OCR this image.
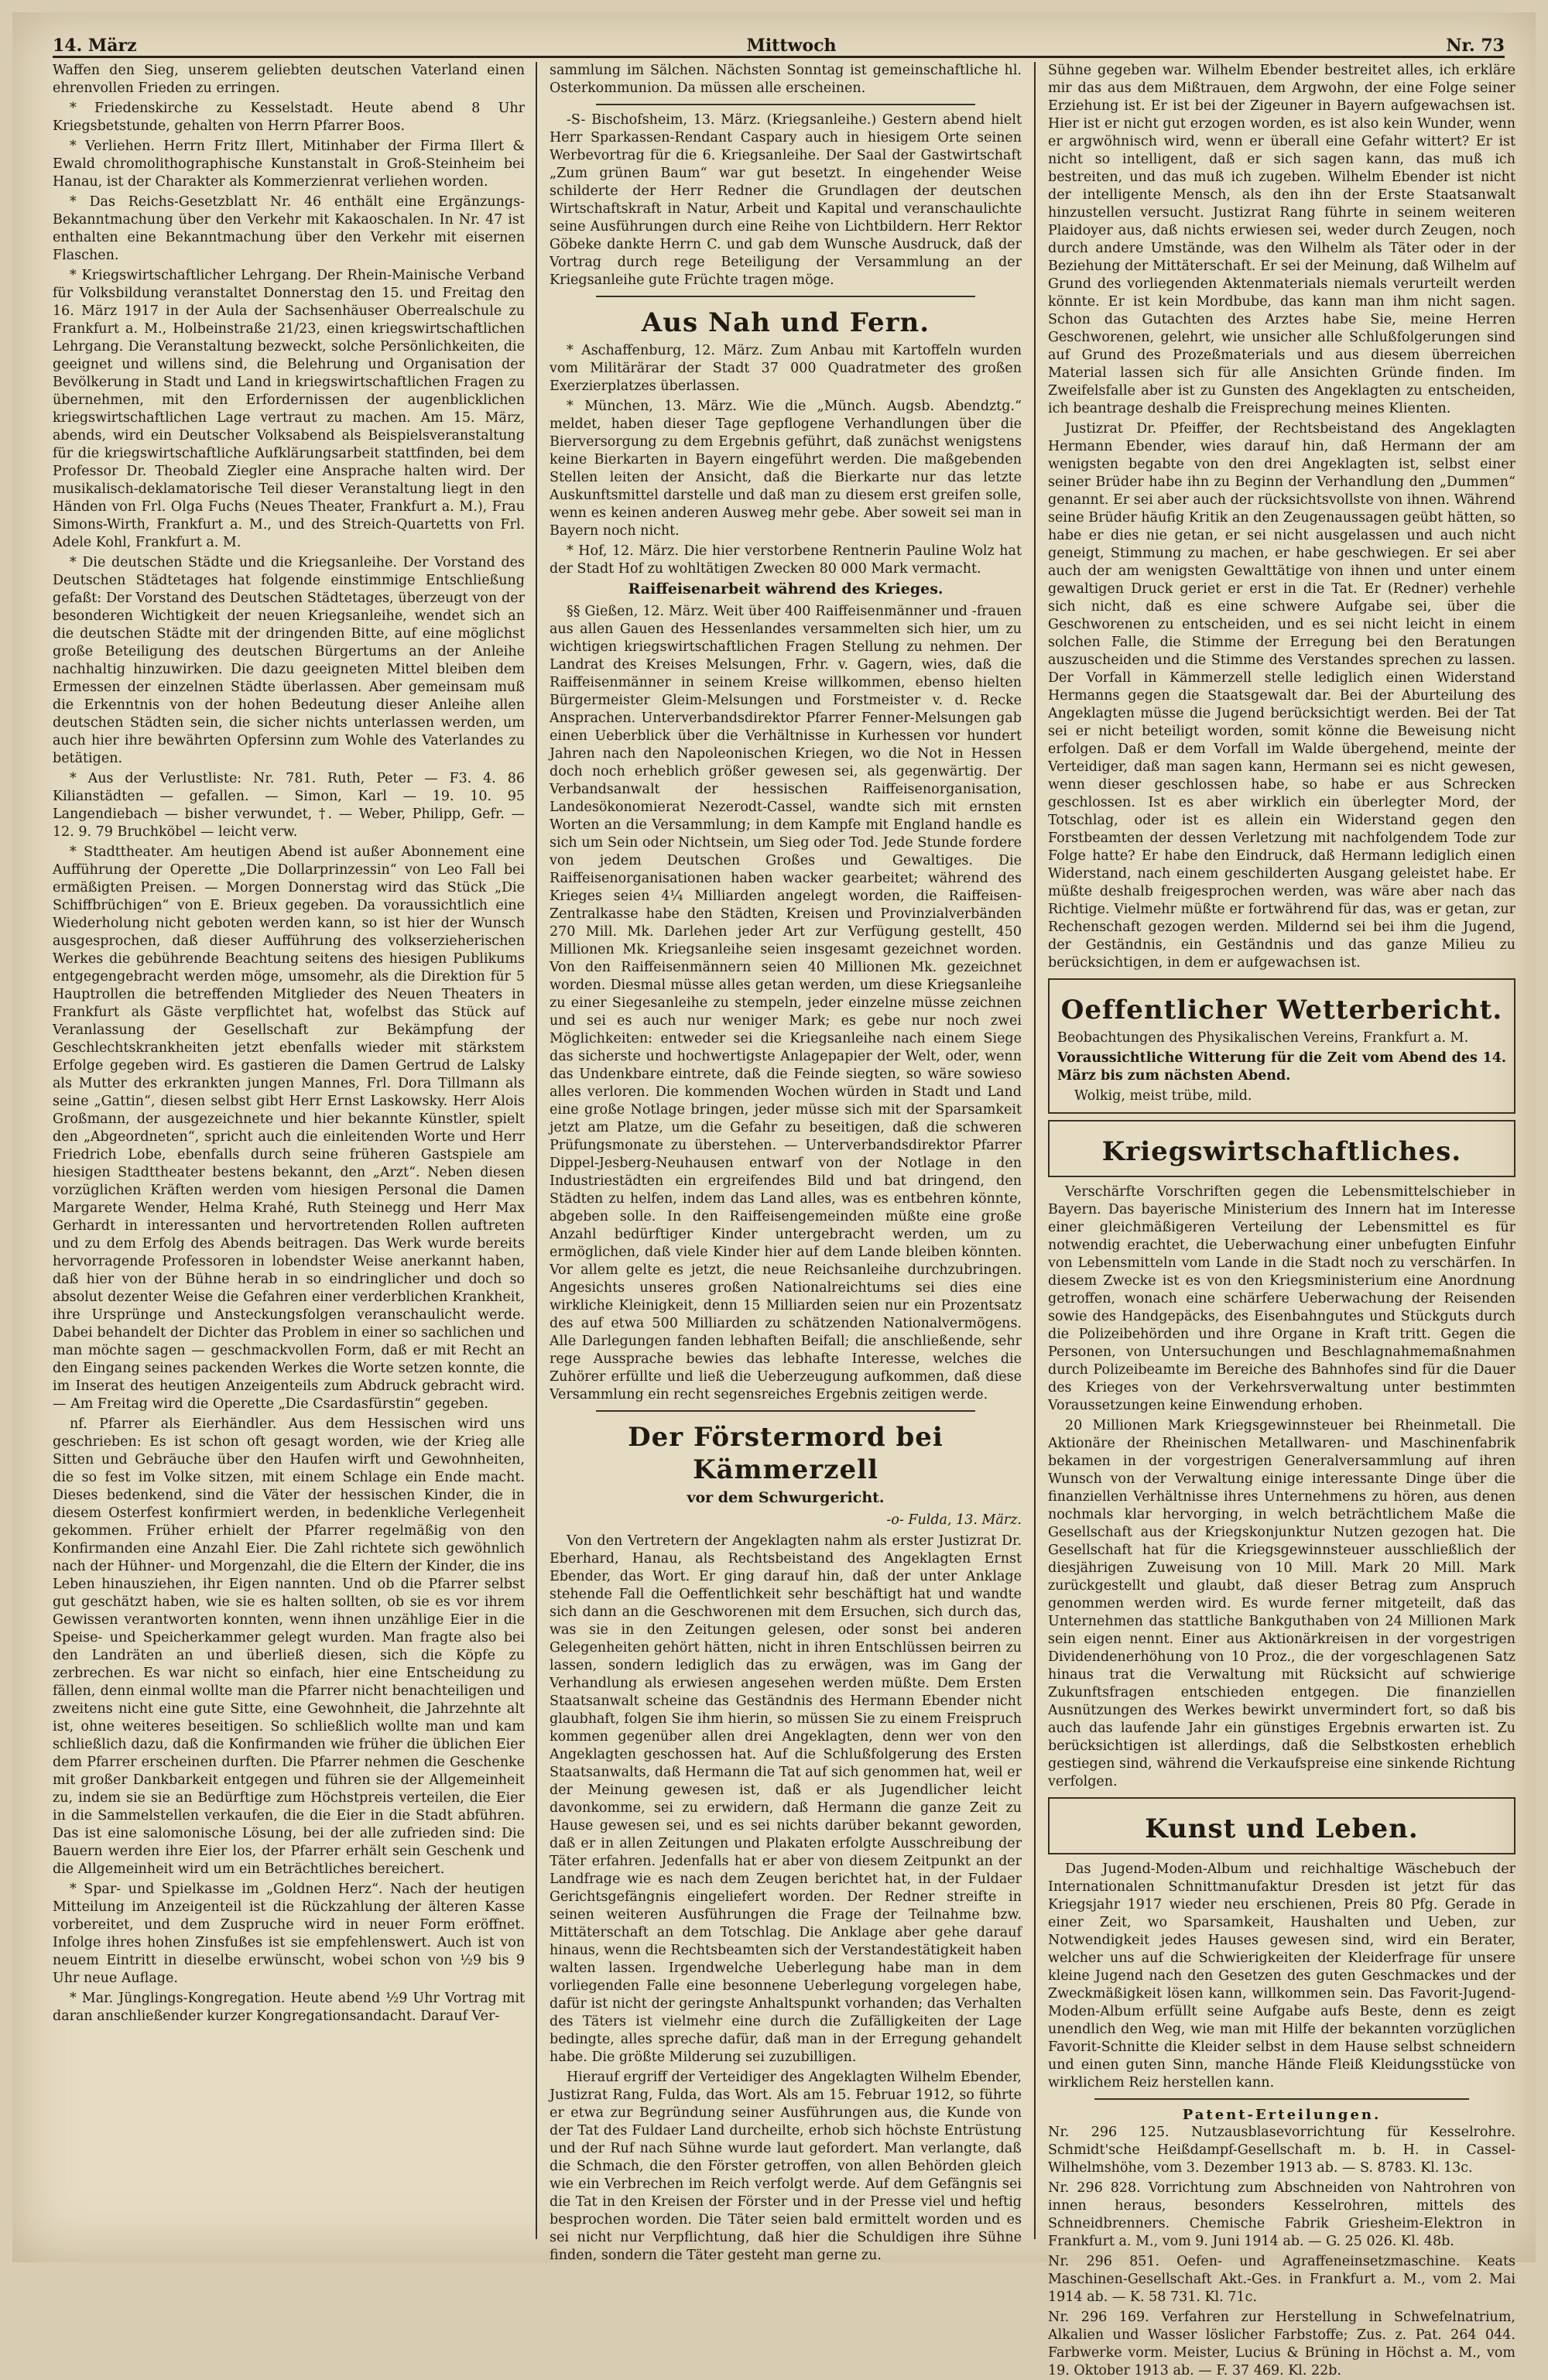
14. März	Mittwoch	Nr. 73

Waffen den Sieg, unserem geliebten deutschen Vaterland einen ehrenvollen Frieden zu erringen.

* Friedenskirche zu Kesselstadt. Heute abend 8 Uhr Kriegsbetstunde, gehalten von Herrn Pfarrer Boos.

* Verliehen. Herrn Fritz Illert, Mitinhaber der Firma Illert & Ewald chromolithographische Kunstanstalt in Groß-Steinheim bei Hanau, ist der Charakter als Kommerzienrat verliehen worden.

* Das Reichs-Gesetzblatt Nr. 46 enthält eine Ergänzungs-Bekanntmachung über den Verkehr mit Kakaoschalen. In Nr. 47 ist enthalten eine Bekanntmachung über den Verkehr mit eisernen Flaschen.

* Kriegswirtschaftlicher Lehrgang. Der Rhein-Mainische Verband für Volksbildung veranstaltet Donnerstag den 15. und Freitag den 16. März 1917 in der Aula der Sachsenhäuser Oberrealschule zu Frankfurt a. M., Holbeinstraße 21/23, einen kriegswirtschaftlichen Lehrgang. Die Veranstaltung bezweckt, solche Persönlichkeiten, die geeignet und willens sind, die Belehrung und Organisation der Bevölkerung in Stadt und Land in kriegswirtschaftlichen Fragen zu übernehmen, mit den Erfordernissen der augenblicklichen kriegswirtschaftlichen Lage vertraut zu machen. Am 15. März, abends, wird ein Deutscher Volksabend als Beispielsveranstaltung für die kriegswirtschaftliche Aufklärungsarbeit stattfinden, bei dem Professor Dr. Theobald Ziegler eine Ansprache halten wird. Der musikalisch-deklamatorische Teil dieser Veranstaltung liegt in den Händen von Frl. Olga Fuchs (Neues Theater, Frankfurt a. M.), Frau Simons-Wirth, Frankfurt a. M., und des Streich-Quartetts von Frl. Adele Kohl, Frankfurt a. M.

* Die deutschen Städte und die Kriegsanleihe. Der Vorstand des Deutschen Städtetages hat folgende einstimmige Entschließung gefaßt: Der Vorstand des Deutschen Städtetages, überzeugt von der besonderen Wichtigkeit der neuen Kriegsanleihe, wendet sich an die deutschen Städte mit der dringenden Bitte, auf eine möglichst große Beteiligung des deutschen Bürgertums an der Anleihe nachhaltig hinzuwirken. Die dazu geeigneten Mittel bleiben dem Ermessen der einzelnen Städte überlassen. Aber gemeinsam muß die Erkenntnis von der hohen Bedeutung dieser Anleihe allen deutschen Städten sein, die sicher nichts unterlassen werden, um auch hier ihre bewährten Opfersinn zum Wohle des Vaterlandes zu betätigen.

* Aus der Verlustliste: Nr. 781. Ruth, Peter — F3. 4. 86 Kilianstädten — gefallen. — Simon, Karl — 19. 10. 95 Langendiebach — bisher verwundet, †. — Weber, Philipp, Gefr. — 12. 9. 79 Bruchköbel — leicht verw.

* Stadttheater. Am heutigen Abend ist außer Abonnement eine Aufführung der Operette „Die Dollarprinzessin“ von Leo Fall bei ermäßigten Preisen. — Morgen Donnerstag wird das Stück „Die Schiffbrüchigen“ von E. Brieux gegeben. Da voraussichtlich eine Wiederholung nicht geboten werden kann, so ist hier der Wunsch ausgesprochen, daß dieser Aufführung des volkserzieherischen Werkes die gebührende Beachtung seitens des hiesigen Publikums entgegengebracht werden möge, umsomehr, als die Direktion für 5 Hauptrollen die betreffenden Mitglieder des Neuen Theaters in Frankfurt als Gäste verpflichtet hat, wofelbst das Stück auf Veranlassung der Gesellschaft zur Bekämpfung der Geschlechtskrankheiten jetzt ebenfalls wieder mit stärkstem Erfolge gegeben wird. Es gastieren die Damen Gertrud de Lalsky als Mutter des erkrankten jungen Mannes, Frl. Dora Tillmann als seine „Gattin“, diesen selbst gibt Herr Ernst Laskowsky. Herr Alois Großmann, der ausgezeichnete und hier bekannte Künstler, spielt den „Abgeordneten“, spricht auch die einleitenden Worte und Herr Friedrich Lobe, ebenfalls durch seine früheren Gastspiele am hiesigen Stadttheater bestens bekannt, den „Arzt“. Neben diesen vorzüglichen Kräften werden vom hiesigen Personal die Damen Margarete Wender, Helma Krahé, Ruth Steinegg und Herr Max Gerhardt in interessanten und hervortretenden Rollen auftreten und zu dem Erfolg des Abends beitragen. Das Werk wurde bereits hervorragende Professoren in lobendster Weise anerkannt haben, daß hier von der Bühne herab in so eindringlicher und doch so absolut dezenter Weise die Gefahren einer verderblichen Krankheit, ihre Ursprünge und Ansteckungsfolgen veranschaulicht werde. Dabei behandelt der Dichter das Problem in einer so sachlichen und man möchte sagen — geschmackvollen Form, daß er mit Recht an den Eingang seines packenden Werkes die Worte setzen konnte, die im Inserat des heutigen Anzeigenteils zum Abdruck gebracht wird. — Am Freitag wird die Operette „Die Csardasfürstin“ gegeben.

nf. Pfarrer als Eierhändler. Aus dem Hessischen wird uns geschrieben: Es ist schon oft gesagt worden, wie der Krieg alle Sitten und Gebräuche über den Haufen wirft und Gewohnheiten, die so fest im Volke sitzen, mit einem Schlage ein Ende macht. Dieses bedenkend, sind die Väter der hessischen Kinder, die in diesem Osterfest konfirmiert werden, in bedenkliche Verlegenheit gekommen. Früher erhielt der Pfarrer regelmäßig von den Konfirmanden eine Anzahl Eier. Die Zahl richtete sich gewöhnlich nach der Hühner- und Morgenzahl, die die Eltern der Kinder, die ins Leben hinausziehen, ihr Eigen nannten. Und ob die Pfarrer selbst gut geschätzt haben, wie sie es halten sollten, ob sie es vor ihrem Gewissen verantworten konnten, wenn ihnen unzählige Eier in die Speise- und Speicherkammer gelegt wurden. Man fragte also bei den Landräten an und überließ diesen, sich die Köpfe zu zerbrechen. Es war nicht so einfach, hier eine Entscheidung zu fällen, denn einmal wollte man die Pfarrer nicht benachteiligen und zweitens nicht eine gute Sitte, eine Gewohnheit, die Jahrzehnte alt ist, ohne weiteres beseitigen. So schließlich wollte man und kam schließlich dazu, daß die Konfirmanden wie früher die üblichen Eier dem Pfarrer erscheinen durften. Die Pfarrer nehmen die Geschenke mit großer Dankbarkeit entgegen und führen sie der Allgemeinheit zu, indem sie sie an Bedürftige zum Höchstpreis verteilen, die Eier in die Sammelstellen verkaufen, die die Eier in die Stadt abführen. Das ist eine salomonische Lösung, bei der alle zufrieden sind: Die Bauern werden ihre Eier los, der Pfarrer erhält sein Geschenk und die Allgemeinheit wird um ein Beträchtliches bereichert.

* Spar- und Spielkasse im „Goldnen Herz“. Nach der heutigen Mitteilung im Anzeigenteil ist die Rückzahlung der älteren Kasse vorbereitet, und dem Zuspruche wird in neuer Form eröffnet. Infolge ihres hohen Zinsfußes ist sie empfehlenswert. Auch ist von neuem Eintritt in dieselbe erwünscht, wobei schon von ½9 bis 9 Uhr neue Auflage.

* Mar. Jünglings-Kongregation. Heute abend ½9 Uhr Vortrag mit daran anschließender kurzer Kongregationsandacht. Darauf Ver-

sammlung im Sälchen. Nächsten Sonntag ist gemeinschaftliche hl. Osterkommunion. Da müssen alle erscheinen.

-S- Bischofsheim, 13. März. (Kriegsanleihe.) Gestern abend hielt Herr Sparkassen-Rendant Caspary auch in hiesigem Orte seinen Werbevortrag für die 6. Kriegsanleihe. Der Saal der Gastwirtschaft „Zum grünen Baum“ war gut besetzt. In eingehender Weise schilderte der Herr Redner die Grundlagen der deutschen Wirtschaftskraft in Natur, Arbeit und Kapital und veranschaulichte seine Ausführungen durch eine Reihe von Lichtbildern. Herr Rektor Göbeke dankte Herrn C. und gab dem Wunsche Ausdruck, daß der Vortrag durch rege Beteiligung der Versammlung an der Kriegsanleihe gute Früchte tragen möge.

Aus Nah und Fern.

* Aschaffenburg, 12. März. Zum Anbau mit Kartoffeln wurden vom Militärärar der Stadt 37 000 Quadratmeter des großen Exerzierplatzes überlassen.

* München, 13. März. Wie die „Münch. Augsb. Abendztg.“ meldet, haben dieser Tage gepflogene Verhandlungen über die Bierversorgung zu dem Ergebnis geführt, daß zunächst wenigstens keine Bierkarten in Bayern eingeführt werden. Die maßgebenden Stellen leiten der Ansicht, daß die Bierkarte nur das letzte Auskunftsmittel darstelle und daß man zu diesem erst greifen solle, wenn es keinen anderen Ausweg mehr gebe. Aber soweit sei man in Bayern noch nicht.

* Hof, 12. März. Die hier verstorbene Rentnerin Pauline Wolz hat der Stadt Hof zu wohltätigen Zwecken 80 000 Mark vermacht.

Raiffeisenarbeit während des Krieges.

§§ Gießen, 12. März. Weit über 400 Raiffeisenmänner und -frauen aus allen Gauen des Hessenlandes versammelten sich hier, um zu wichtigen kriegswirtschaftlichen Fragen Stellung zu nehmen. Der Landrat des Kreises Melsungen, Frhr. v. Gagern, wies, daß die Raiffeisenmänner in seinem Kreise willkommen, ebenso hielten Bürgermeister Gleim-Melsungen und Forstmeister v. d. Recke Ansprachen. Unterverbandsdirektor Pfarrer Fenner-Melsungen gab einen Ueberblick über die Verhältnisse in Kurhessen vor hundert Jahren nach den Napoleonischen Kriegen, wo die Not in Hessen doch noch erheblich größer gewesen sei, als gegenwärtig. Der Verbandsanwalt der hessischen Raiffeisenorganisation, Landesökonomierat Nezerodt-Cassel, wandte sich mit ernsten Worten an die Versammlung; in dem Kampfe mit England handle es sich um Sein oder Nichtsein, um Sieg oder Tod. Jede Stunde fordere von jedem Deutschen Großes und Gewaltiges. Die Raiffeisenorganisationen haben wacker gearbeitet; während des Krieges seien 4¼ Milliarden angelegt worden, die Raiffeisen-Zentralkasse habe den Städten, Kreisen und Provinzialverbänden 270 Mill. Mk. Darlehen jeder Art zur Verfügung gestellt, 450 Millionen Mk. Kriegsanleihe seien insgesamt gezeichnet worden. Von den Raiffeisenmännern seien 40 Millionen Mk. gezeichnet worden. Diesmal müsse alles getan werden, um diese Kriegsanleihe zu einer Siegesanleihe zu stempeln, jeder einzelne müsse zeichnen und sei es auch nur weniger Mark; es gebe nur noch zwei Möglichkeiten: entweder sei die Kriegsanleihe nach einem Siege das sicherste und hochwertigste Anlagepapier der Welt, oder, wenn das Undenkbare eintrete, daß die Feinde siegten, so wäre sowieso alles verloren. Die kommenden Wochen würden in Stadt und Land eine große Notlage bringen, jeder müsse sich mit der Sparsamkeit jetzt am Platze, um die Gefahr zu beseitigen, daß die schweren Prüfungsmonate zu überstehen. — Unterverbandsdirektor Pfarrer Dippel-Jesberg-Neuhausen entwarf von der Notlage in den Industriestädten ein ergreifendes Bild und bat dringend, den Städten zu helfen, indem das Land alles, was es entbehren könnte, abgeben solle. In den Raiffeisengemeinden müßte eine große Anzahl bedürftiger Kinder untergebracht werden, um zu ermöglichen, daß viele Kinder hier auf dem Lande bleiben könnten. Vor allem gelte es jetzt, die neue Reichsanleihe durchzubringen. Angesichts unseres großen Nationalreichtums sei dies eine wirkliche Kleinigkeit, denn 15 Milliarden seien nur ein Prozentsatz des auf etwa 500 Milliarden zu schätzenden Nationalvermögens. Alle Darlegungen fanden lebhaften Beifall; die anschließende, sehr rege Aussprache bewies das lebhafte Interesse, welches die Zuhörer erfüllte und ließ die Ueberzeugung aufkommen, daß diese Versammlung ein recht segensreiches Ergebnis zeitigen werde.

Der Förstermord bei Kämmerzell
vor dem Schwurgericht.
-o- Fulda, 13. März.

Von den Vertretern der Angeklagten nahm als erster Justizrat Dr. Eberhard, Hanau, als Rechtsbeistand des Angeklagten Ernst Ebender, das Wort. Er ging darauf hin, daß der unter Anklage stehende Fall die Oeffentlichkeit sehr beschäftigt hat und wandte sich dann an die Geschworenen mit dem Ersuchen, sich durch das, was sie in den Zeitungen gelesen, oder sonst bei anderen Gelegenheiten gehört hätten, nicht in ihren Entschlüssen beirren zu lassen, sondern lediglich das zu erwägen, was im Gang der Verhandlung als erwiesen angesehen werden müßte. Dem Ersten Staatsanwalt scheine das Geständnis des Hermann Ebender nicht glaubhaft, folgen Sie ihm hierin, so müssen Sie zu einem Freispruch kommen gegenüber allen drei Angeklagten, denn wer von den Angeklagten geschossen hat. Auf die Schlußfolgerung des Ersten Staatsanwalts, daß Hermann die Tat auf sich genommen hat, weil er der Meinung gewesen ist, daß er als Jugendlicher leicht davonkomme, sei zu erwidern, daß Hermann die ganze Zeit zu Hause gewesen sei, und es sei nichts darüber bekannt geworden, daß er in allen Zeitungen und Plakaten erfolgte Ausschreibung der Täter erfahren. Jedenfalls hat er aber von diesem Zeitpunkt an der Landfrage wie es nach dem Zeugen berichtet hat, in der Fuldaer Gerichtsgefängnis eingeliefert worden. Der Redner streifte in seinen weiteren Ausführungen die Frage der Teilnahme bzw. Mittäterschaft an dem Totschlag. Die Anklage aber gehe darauf hinaus, wenn die Rechtsbeamten sich der Verstandestätigkeit haben walten lassen. Irgendwelche Ueberlegung habe man in dem vorliegenden Falle eine besonnene Ueberlegung vorgelegen habe, dafür ist nicht der geringste Anhaltspunkt vorhanden; das Verhalten des Täters ist vielmehr eine durch die Zufälligkeiten der Lage bedingte, alles spreche dafür, daß man in der Erregung gehandelt habe. Die größte Milderung sei zuzubilligen.

Hierauf ergriff der Verteidiger des Angeklagten Wilhelm Ebender, Justizrat Rang, Fulda, das Wort. Als am 15. Februar 1912, so führte er etwa zur Begründung seiner Ausführungen aus, die Kunde von der Tat des Fuldaer Land durcheilte, erhob sich höchste Entrüstung und der Ruf nach Sühne wurde laut gefordert. Man verlangte, daß die Schmach, die den Förster getroffen, von allen Behörden gleich wie ein Verbrechen im Reich verfolgt werde. Auf dem Gefängnis sei die Tat in den Kreisen der Förster und in der Presse viel und heftig besprochen worden. Die Täter seien bald ermittelt worden und es sei nicht nur Verpflichtung, daß hier die Schuldigen ihre Sühne finden, sondern die Täter gesteht man gerne zu.

Sühne gegeben war. Wilhelm Ebender bestreitet alles, ich erkläre mir das aus dem Mißtrauen, dem Argwohn, der eine Folge seiner Erziehung ist. Er ist bei der Zigeuner in Bayern aufgewachsen ist. Hier ist er nicht gut erzogen worden, es ist also kein Wunder, wenn er argwöhnisch wird, wenn er überall eine Gefahr wittert? Er ist nicht so intelligent, daß er sich sagen kann, das muß ich bestreiten, und das muß ich zugeben. Wilhelm Ebender ist nicht der intelligente Mensch, als den ihn der Erste Staatsanwalt hinzustellen versucht. Justizrat Rang führte in seinem weiteren Plaidoyer aus, daß nichts erwiesen sei, weder durch Zeugen, noch durch andere Umstände, was den Wilhelm als Täter oder in der Beziehung der Mittäterschaft. Er sei der Meinung, daß Wilhelm auf Grund des vorliegenden Aktenmaterials niemals verurteilt werden könnte. Er ist kein Mordbube, das kann man ihm nicht sagen. Schon das Gutachten des Arztes habe Sie, meine Herren Geschworenen, gelehrt, wie unsicher alle Schlußfolgerungen sind auf Grund des Prozeßmaterials und aus diesem überreichen Material lassen sich für alle Ansichten Gründe finden. Im Zweifelsfalle aber ist zu Gunsten des Angeklagten zu entscheiden, ich beantrage deshalb die Freisprechung meines Klienten.

Justizrat Dr. Pfeiffer, der Rechtsbeistand des Angeklagten Hermann Ebender, wies darauf hin, daß Hermann der am wenigsten begabte von den drei Angeklagten ist, selbst einer seiner Brüder habe ihn zu Beginn der Verhandlung den „Dummen“ genannt. Er sei aber auch der rücksichtsvollste von ihnen. Während seine Brüder häufig Kritik an den Zeugenaussagen geübt hätten, so habe er dies nie getan, er sei nicht ausgelassen und auch nicht geneigt, Stimmung zu machen, er habe geschwiegen. Er sei aber auch der am wenigsten Gewalttätige von ihnen und unter einem gewaltigen Druck geriet er erst in die Tat. Er (Redner) verhehle sich nicht, daß es eine schwere Aufgabe sei, über die Geschworenen zu entscheiden, und es sei nicht leicht in einem solchen Falle, die Stimme der Erregung bei den Beratungen auszuscheiden und die Stimme des Verstandes sprechen zu lassen. Der Vorfall in Kämmerzell stelle lediglich einen Widerstand Hermanns gegen die Staatsgewalt dar. Bei der Aburteilung des Angeklagten müsse die Jugend berücksichtigt werden. Bei der Tat sei er nicht beteiligt worden, somit könne die Beweisung nicht erfolgen. Daß er dem Vorfall im Walde übergehend, meinte der Verteidiger, daß man sagen kann, Hermann sei es nicht gewesen, wenn dieser geschlossen habe, so habe er aus Schrecken geschlossen. Ist es aber wirklich ein überlegter Mord, der Totschlag, oder ist es allein ein Widerstand gegen den Forstbeamten der dessen Verletzung mit nachfolgendem Tode zur Folge hatte? Er habe den Eindruck, daß Hermann lediglich einen Widerstand, nach einem geschilderten Ausgang geleistet habe. Er müßte deshalb freigesprochen werden, was wäre aber nach das Richtige. Vielmehr müßte er fortwährend für das, was er getan, zur Rechenschaft gezogen werden. Mildernd sei bei ihm die Jugend, der Geständnis, ein Geständnis und das ganze Milieu zu berücksichtigen, in dem er aufgewachsen ist.

Oeffentlicher Wetterbericht.

Beobachtungen des Physikalischen Vereins, Frankfurt a. M.

Voraussichtliche Witterung für die Zeit vom Abend des 14. März bis zum nächsten Abend.

Wolkig, meist trübe, mild.

Kriegswirtschaftliches.

Verschärfte Vorschriften gegen die Lebensmittelschieber in Bayern. Das bayerische Ministerium des Innern hat im Interesse einer gleichmäßigeren Verteilung der Lebensmittel es für notwendig erachtet, die Ueberwachung einer unbefugten Einfuhr von Lebensmitteln vom Lande in die Stadt noch zu verschärfen. In diesem Zwecke ist es von den Kriegsministerium eine Anordnung getroffen, wonach eine schärfere Ueberwachung der Reisenden sowie des Handgepäcks, des Eisenbahngutes und Stückguts durch die Polizeibehörden und ihre Organe in Kraft tritt. Gegen die Personen, von Untersuchungen und Beschlagnahmemaßnahmen durch Polizeibeamte im Bereiche des Bahnhofes sind für die Dauer des Krieges von der Verkehrsverwaltung unter bestimmten Voraussetzungen keine Einwendung erhoben.

20 Millionen Mark Kriegsgewinnsteuer bei Rheinmetall. Die Aktionäre der Rheinischen Metallwaren- und Maschinenfabrik bekamen in der vorgestrigen Generalversammlung auf ihren Wunsch von der Verwaltung einige interessante Dinge über die finanziellen Verhältnisse ihres Unternehmens zu hören, aus denen nochmals klar hervorging, in welch beträchtlichem Maße die Gesellschaft aus der Kriegskonjunktur Nutzen gezogen hat. Die Gesellschaft hat für die Kriegsgewinnsteuer ausschließlich der diesjährigen Zuweisung von 10 Mill. Mark 20 Mill. Mark zurückgestellt und glaubt, daß dieser Betrag zum Anspruch genommen werden wird. Es wurde ferner mitgeteilt, daß das Unternehmen das stattliche Bankguthaben von 24 Millionen Mark sein eigen nennt. Einer aus Aktionärkreisen in der vorgestrigen Dividendenerhöhung von 10 Proz., die der vorgeschlagenen Satz hinaus trat die Verwaltung mit Rücksicht auf schwierige Zukunftsfragen entschieden entgegen. Die finanziellen Ausnützungen des Werkes bewirkt unvermindert fort, so daß bis auch das laufende Jahr ein günstiges Ergebnis erwarten ist. Zu berücksichtigen ist allerdings, daß die Selbstkosten erheblich gestiegen sind, während die Verkaufspreise eine sinkende Richtung verfolgen.

Kunst und Leben.

Das Jugend-Moden-Album und reichhaltige Wäschebuch der Internationalen Schnittmanufaktur Dresden ist jetzt für das Kriegsjahr 1917 wieder neu erschienen, Preis 80 Pfg. Gerade in einer Zeit, wo Sparsamkeit, Haushalten und Ueben, zur Notwendigkeit jedes Hauses gewesen sind, wird ein Berater, welcher uns auf die Schwierigkeiten der Kleiderfrage für unsere kleine Jugend nach den Gesetzen des guten Geschmackes und der Zweckmäßigkeit lösen kann, willkommen sein. Das Favorit-Jugend-Moden-Album erfüllt seine Aufgabe aufs Beste, denn es zeigt unendlich den Weg, wie man mit Hilfe der bekannten vorzüglichen Favorit-Schnitte die Kleider selbst in dem Hause selbst schneidern und einen guten Sinn, manche Hände Fleiß Kleidungsstücke von wirklichem Reiz herstellen kann.

Patent-Erteilungen.

Nr. 296 125. Nutzausblasevorrichtung für Kesselrohre. Schmidt'sche Heißdampf-Gesellschaft m. b. H. in Cassel-Wilhelmshöhe, vom 3. Dezember 1913 ab. — S. 8783. Kl. 13c.

Nr. 296 828. Vorrichtung zum Abschneiden von Nahtrohren von innen heraus, besonders Kesselrohren, mittels des Schneidbrenners. Chemische Fabrik Griesheim-Elektron in Frankfurt a. M., vom 9. Juni 1914 ab. — G. 25 026. Kl. 48b.

Nr. 296 851. Oefen- und Agraffeneinsetzmaschine. Keats Maschinen-Gesellschaft Akt.-Ges. in Frankfurt a. M., vom 2. Mai 1914 ab. — K. 58 731. Kl. 71c.

Nr. 296 169. Verfahren zur Herstellung in Schwefelnatrium, Alkalien und Wasser löslicher Farbstoffe; Zus. z. Pat. 264 044. Farbwerke vorm. Meister, Lucius & Brüning in Höchst a. M., vom 19. Oktober 1913 ab. — F. 37 469. Kl. 22b.
